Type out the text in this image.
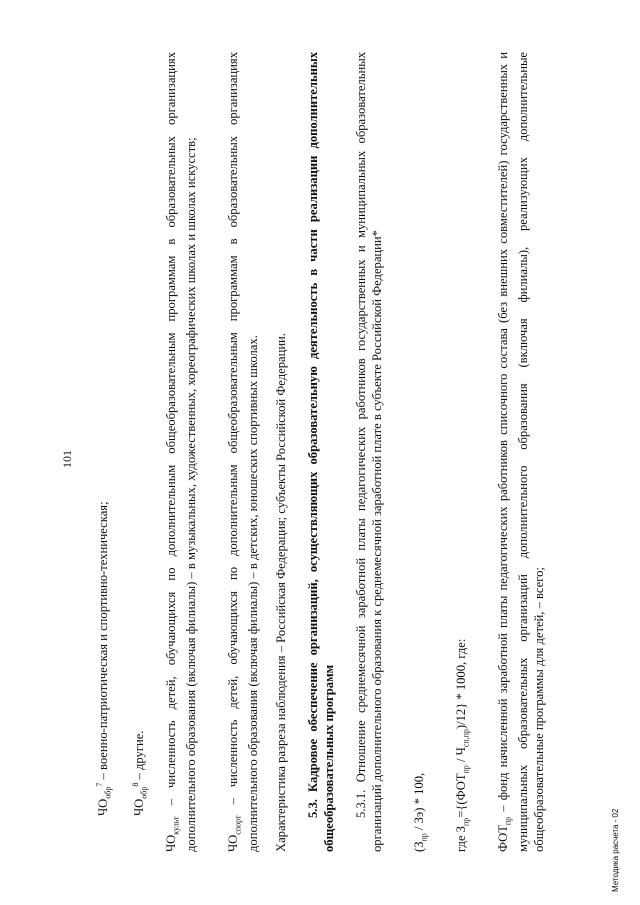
101
$ЧО_{обр}^7$ – военно-патриотическая и спортивно-техническая;
$ЧО_{обр}^8$ – другие.

$ЧО_{культ}$ – численность детей, обучающихся по дополнительным общеобразовательным программам в образовательных организациях дополнительного образования (включая филиалы) – в музыкальных, художественных, хореографических школах и школах искусств; $ЧО_{спорт}$ – численность детей, обучающихся по дополнительным общеобразовательным программам в образовательных организациях дополнительного образования (включая филиалы) – в детских, юношеских спортивных школах. Характеристика разреза наблюдения – Российская Федерация; субъекты Российской Федерации. 5.3. Кадровое обеспечение организаций, осуществляющих образовательную деятельность в части реализации дополнительных общеобразовательных программ 5.3.1. Отношение среднемесячной заработной платы педагогических работников государственных и муниципальных образовательных организаций дополнительного образования к среднемесячной заработной плате в субъекте Российской Федерации* $(З_{пр} / Зэ) * 100$,

где $З_{пр}=\{(ФОТ_{пр} / Ч_{сп,пр})/12\} * 1000$, где:

$ФОТ_{пр}$ – фонд начисленной заработной платы педагогических работников списочного состава (без внешних совместителей) государственных и муниципальных образовательных организаций дополнительного образования (включая филиалы), реализующих дополнительные общеобразовательные программы для детей, – всего;	Методика расчета - 02
